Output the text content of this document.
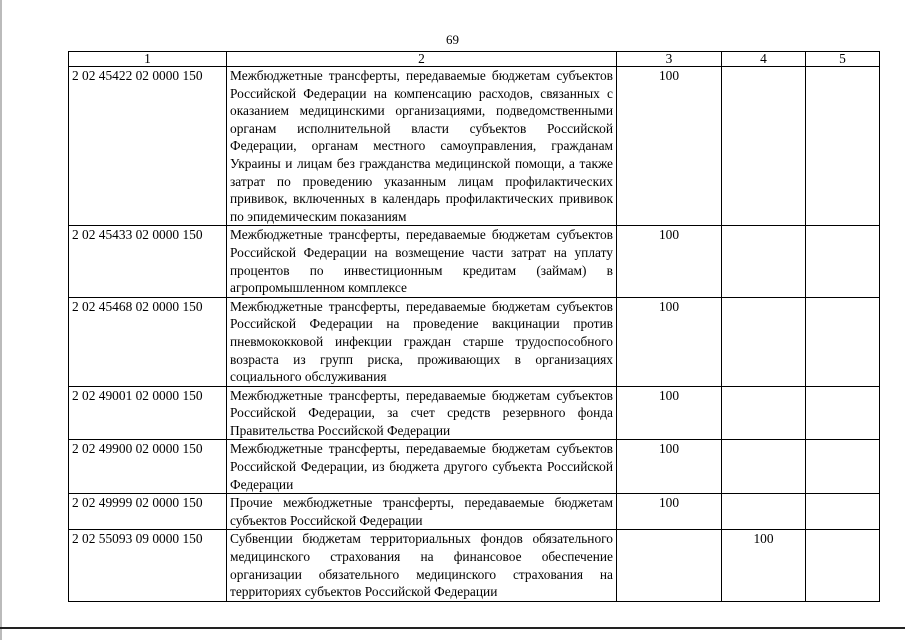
69
1	2	3	4	5
2 02 45422 02 0000 150	Межбюджетные трансферты, передаваемые бюджетам субъектов Российской Федерации на компенсацию расходов, связанных с оказанием медицинскими организациями, подведомственными органам исполнительной власти субъектов Российской Федерации, органам местного самоуправления, гражданам Украины и лицам без гражданства медицинской помощи, а также затрат по проведению указанным лицам профилактических прививок, включенных в календарь профилактических прививок по эпидемическим показаниям	100		
2 02 45433 02 0000 150	Межбюджетные трансферты, передаваемые бюджетам субъектов Российской Федерации на возмещение части затрат на уплату процентов по инвестиционным кредитам (займам) в агропромышленном комплексе	100		
2 02 45468 02 0000 150	Межбюджетные трансферты, передаваемые бюджетам субъектов Российской Федерации на проведение вакцинации против пневмококковой инфекции граждан старше трудоспособного возраста из групп риска, проживающих в организациях социального обслуживания	100		
2 02 49001 02 0000 150	Межбюджетные трансферты, передаваемые бюджетам субъектов Российской Федерации, за счет средств резервного фонда Правительства Российской Федерации	100		
2 02 49900 02 0000 150	Межбюджетные трансферты, передаваемые бюджетам субъектов Российской Федерации, из бюджета другого субъекта Российской Федерации	100		
2 02 49999 02 0000 150	Прочие межбюджетные трансферты, передаваемые бюджетам субъектов Российской Федерации	100		
2 02 55093 09 0000 150	Субвенции бюджетам территориальных фондов обязательного медицинского страхования на финансовое обеспечение организации обязательного медицинского страхования на территориях субъектов Российской Федерации		100	
